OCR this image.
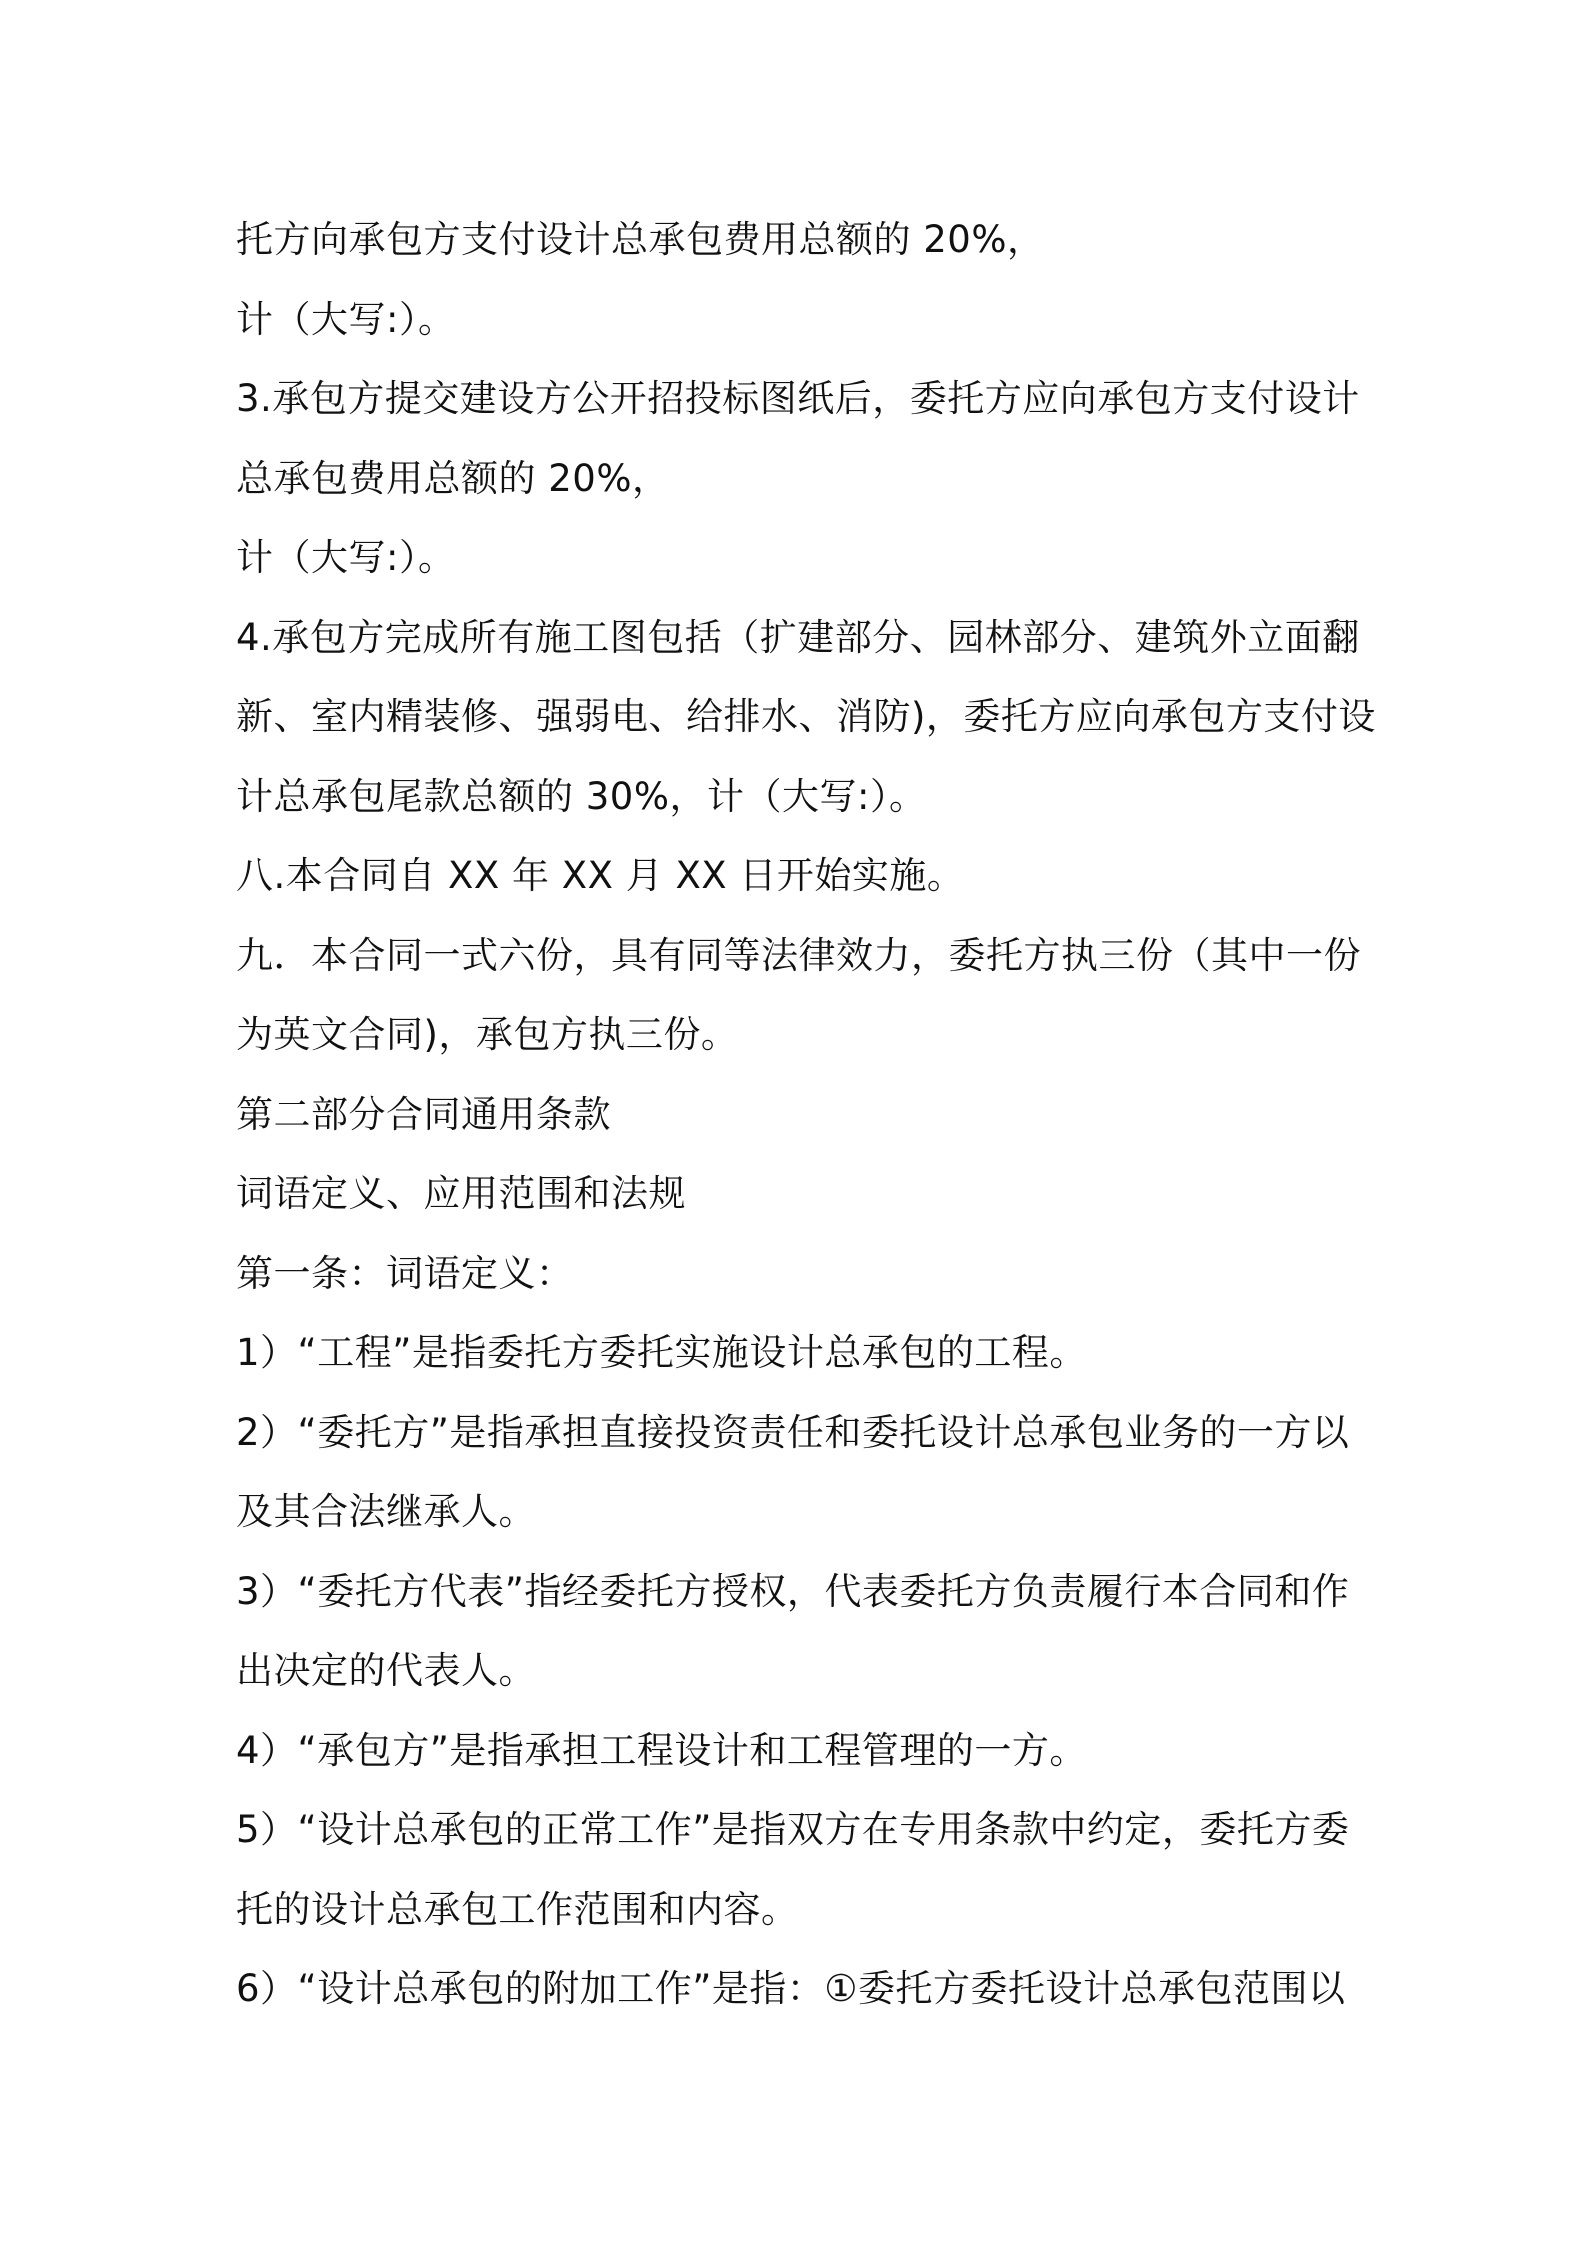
托方向承包方支付设计总承包费用总额的 20%，
计（大写:）。
3.承包方提交建设方公开招投标图纸后，委托方应向承包方支付设计
总承包费用总额的 20%，
计（大写:）。
4.承包方完成所有施工图包括（扩建部分、园林部分、建筑外立面翻
新、室内精装修、强弱电、给排水、消防)，委托方应向承包方支付设
计总承包尾款总额的 30%，计（大写:）。
八.本合同自 XX 年 XX 月 XX 日开始实施。
九．本合同一式六份，具有同等法律效力，委托方执三份（其中一份
为英文合同)，承包方执三份。
第二部分合同通用条款
词语定义、应用范围和法规
第一条：词语定义：
1）“工程”是指委托方委托实施设计总承包的工程。
2）“委托方”是指承担直接投资责任和委托设计总承包业务的一方以
及其合法继承人。
3）“委托方代表”指经委托方授权，代表委托方负责履行本合同和作
出决定的代表人。
4）“承包方”是指承担工程设计和工程管理的一方。
5）“设计总承包的正常工作”是指双方在专用条款中约定，委托方委
托的设计总承包工作范围和内容。
6）“设计总承包的附加工作”是指：①委托方委托设计总承包范围以
